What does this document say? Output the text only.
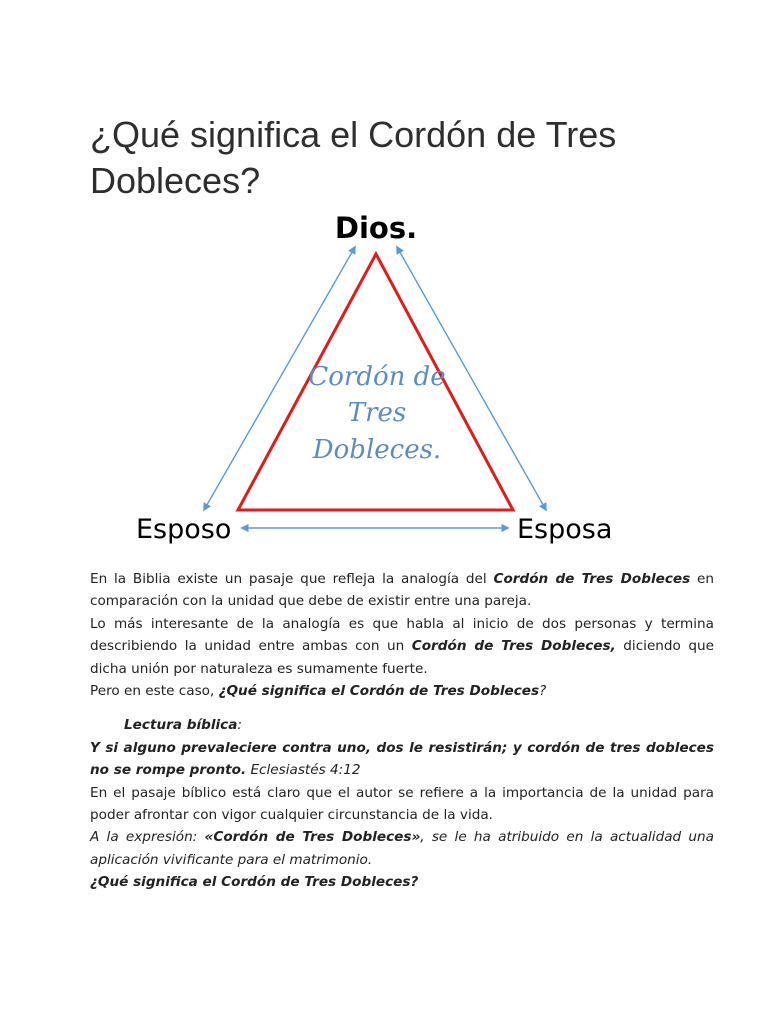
¿Qué significa el Cordón de Tres Dobleces?
Dios.
Esposo	Esposa
Cordón de
Tres
Dobleces.

En la Biblia existe un pasaje que refleja la analogía del Cordón de Tres Dobleces en comparación con la unidad que debe de existir entre una pareja.

Lo más interesante de la analogía es que habla al inicio de dos personas y termina describiendo la unidad entre ambas con un Cordón de Tres Dobleces, diciendo que dicha unión por naturaleza es sumamente fuerte.

Pero en este caso, ¿Qué significa el Cordón de Tres Dobleces?

Lectura bíblica:

Y si alguno prevaleciere contra uno, dos le resistirán; y cordón de tres dobleces no se rompe pronto. Eclesiastés 4:12

En el pasaje bíblico está claro que el autor se refiere a la importancia de la unidad para poder afrontar con vigor cualquier circunstancia de la vida.

A la expresión: «Cordón de Tres Dobleces», se le ha atribuido en la actualidad una aplicación vivificante para el matrimonio.

¿Qué significa el Cordón de Tres Dobleces?
